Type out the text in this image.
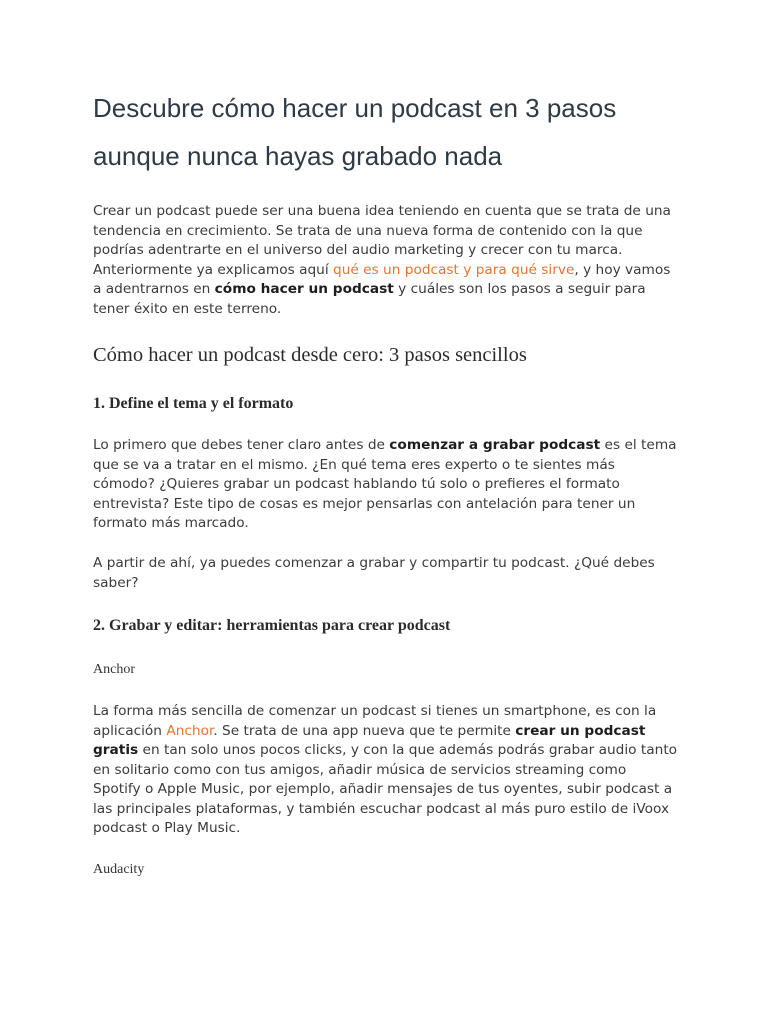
Descubre cómo hacer un podcast en 3 pasos aunque nunca hayas grabado nada

Crear un podcast puede ser una buena idea teniendo en cuenta que se trata de una tendencia en crecimiento. Se trata de una nueva forma de contenido con la que podrías adentrarte en el universo del audio marketing y crecer con tu marca. Anteriormente ya explicamos aquí qué es un podcast y para qué sirve, y hoy vamos a adentrarnos en cómo hacer un podcast y cuáles son los pasos a seguir para tener éxito en este terreno.

Cómo hacer un podcast desde cero: 3 pasos sencillos
1. Define el tema y el formato

Lo primero que debes tener claro antes de comenzar a grabar podcast es el tema que se va a tratar en el mismo. ¿En qué tema eres experto o te sientes más cómodo? ¿Quieres grabar un podcast hablando tú solo o prefieres el formato entrevista? Este tipo de cosas es mejor pensarlas con antelación para tener un formato más marcado.

A partir de ahí, ya puedes comenzar a grabar y compartir tu podcast. ¿Qué debes saber?

2. Grabar y editar: herramientas para crear podcast

Anchor

La forma más sencilla de comenzar un podcast si tienes un smartphone, es con la aplicación Anchor. Se trata de una app nueva que te permite crear un podcast gratis en tan solo unos pocos clicks, y con la que además podrás grabar audio tanto en solitario como con tus amigos, añadir música de servicios streaming como Spotify o Apple Music, por ejemplo, añadir mensajes de tus oyentes, subir podcast a las principales plataformas, y también escuchar podcast al más puro estilo de iVoox podcast o Play Music.

Audacity
